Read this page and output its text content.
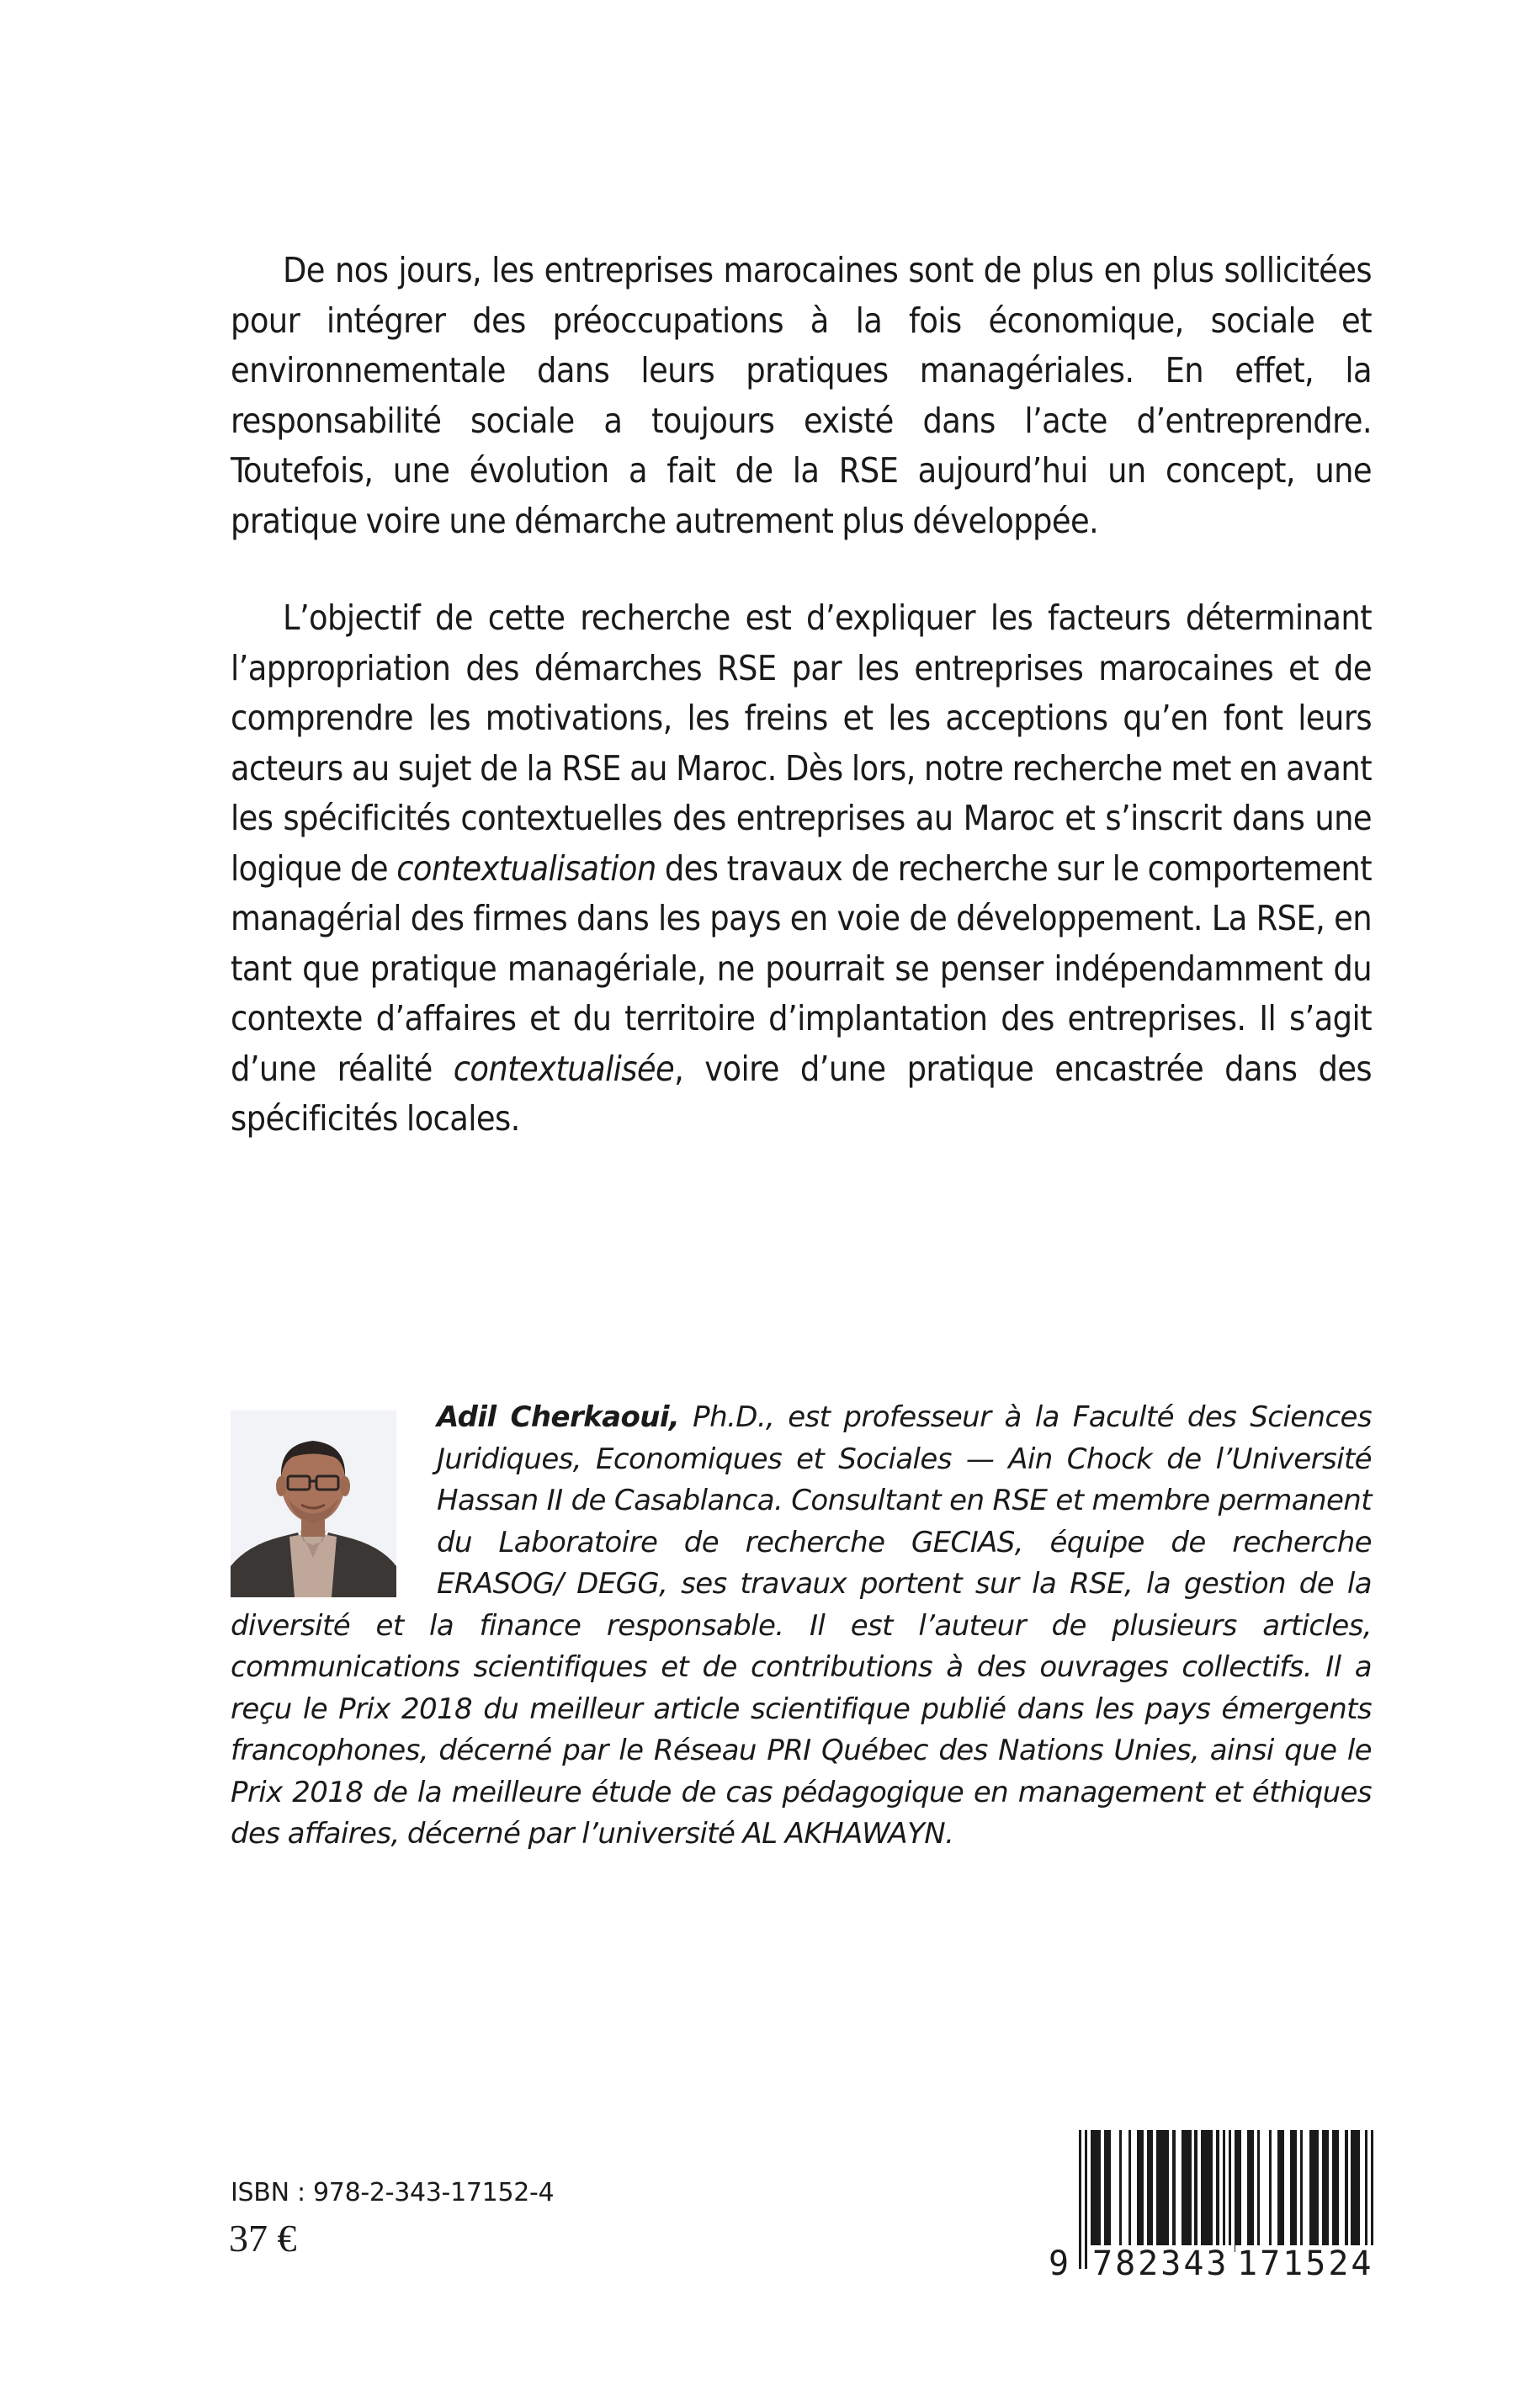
De nos jours, les entreprises marocaines sont de plus en plus sollicitées pour intégrer des préoccupations à la fois économique, sociale et environnementale dans leurs pratiques managériales. En effet, la responsabilité sociale a toujours existé dans l’acte d’entreprendre. Toutefois, une évolution a fait de la RSE aujourd’hui un concept, une pratique voire une démarche autrement plus développée.

L’objectif de cette recherche est d’expliquer les facteurs déterminant l’appropriation des démarches RSE par les entreprises marocaines et de comprendre les motivations, les freins et les acceptions qu’en font leurs acteurs au sujet de la RSE au Maroc. Dès lors, notre recherche met en avant les spécificités contextuelles des entreprises au Maroc et s’inscrit dans une logique de contextualisation des travaux de recherche sur le comportement managérial des firmes dans les pays en voie de développement. La RSE, en tant que pratique managériale, ne pourrait se penser indépendamment du contexte d’affaires et du territoire d’implantation des entreprises. Il s’agit d’une réalité contextualisée, voire d’une pratique encastrée dans des spécificités locales.

Adil Cherkaoui, Ph.D., est professeur à la Faculté des Sciences Juridiques, Economiques et Sociales — Ain Chock de l’Université Hassan II de Casablanca. Consultant en RSE et membre permanent du Laboratoire de recherche GECIAS, équipe de recherche ERASOG/ DEGG, ses travaux portent sur la RSE, la gestion de la diversité et la finance responsable. Il est l’auteur de plusieurs articles, communications scientifiques et de contributions à des ouvrages collectifs. Il a reçu le Prix 2018 du meilleur article scientifique publié dans les pays émergents francophones, décerné par le Réseau PRI Québec des Nations Unies, ainsi que le Prix 2018 de la meilleure étude de cas pédagogique en management et éthiques des affaires, décerné par l’université AL AKHAWAYN.

ISBN : 978-2-343-17152-4
37 €
9 782343 171524
